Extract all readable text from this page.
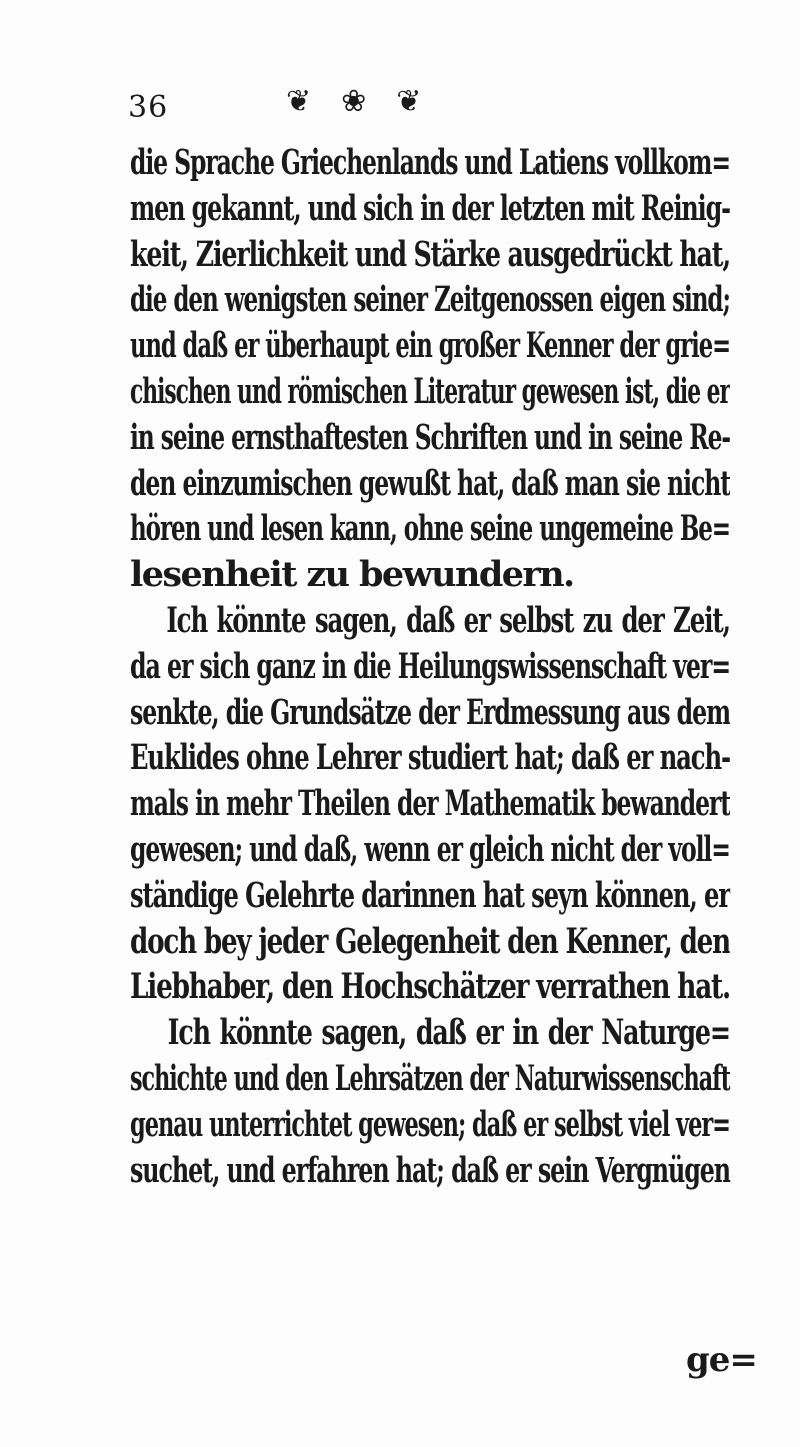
36	❦ ❀ ❦
die Sprache Griechenlands und Latiens vollkom=
men gekannt, und sich in der letzten mit Reinig-
keit, Zierlichkeit und Stärke ausgedrückt hat,
die den wenigsten seiner Zeitgenossen eigen sind;
und daß er überhaupt ein großer Kenner der grie=
chischen und römischen Literatur gewesen ist, die er
in seine ernsthaftesten Schriften und in seine Re-
den einzumischen gewußt hat, daß man sie nicht
hören und lesen kann, ohne seine ungemeine Be=
lesenheit zu bewundern.
Ich könnte sagen, daß er selbst zu der Zeit,
da er sich ganz in die Heilungswissenschaft ver=
senkte, die Grundsätze der Erdmessung aus dem
Euklides ohne Lehrer studiert hat; daß er nach-
mals in mehr Theilen der Mathematik bewandert
gewesen; und daß, wenn er gleich nicht der voll=
ständige Gelehrte darinnen hat seyn können, er
doch bey jeder Gelegenheit den Kenner, den
Liebhaber, den Hochschätzer verrathen hat.
Ich könnte sagen, daß er in der Naturge=
schichte und den Lehrsätzen der Naturwissenschaft
genau unterrichtet gewesen; daß er selbst viel ver=
suchet, und erfahren hat; daß er sein Vergnügen
ge=
